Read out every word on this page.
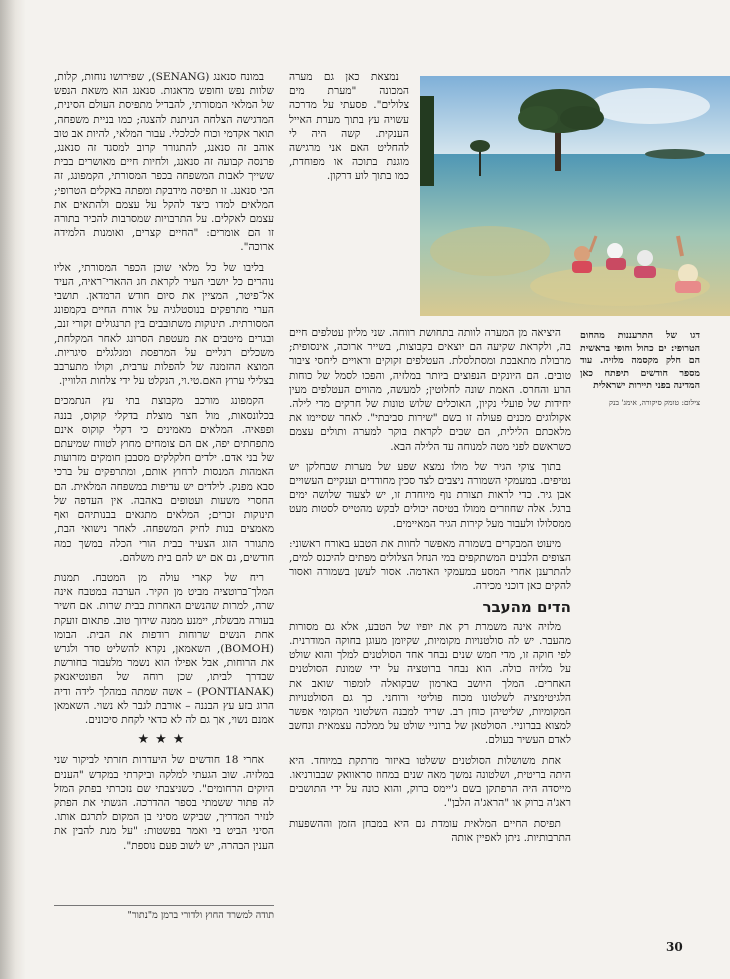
דגו של התרעננות מהחום הטרופי: ים כחול וחופי בראשית הם חלק מקסמה מלזיה. עוד מספר חודשים תיפתח כאן המדינה בפני תיירות ישראלית
צילום: טומק סיקורה, אימג' בנק

נמצאת כאן גם מערה המכונה "מערת מים צלולים". פסעתי על מדרכה עשויה עץ בתוך מערת האייל הענקית. קשה היה לי להחליט האם אני מרגישה מוגנת בתוכה או מפוחדת, כמו בתוך לוע דרקון.

היציאה מן המערה לוותה בתחושת רווחה. שני מליון עטלפים חיים בה, ולקראת שקיעה הם יוצאים בקבוצות, בשייר ארוכה, אינסופית; מרבולת מתאבכת ומסתלסלת. העטלפים זקוקים וראויים ליחסי ציבור טובים. הם היונקים הנפוצים ביותר במלזיה, והפכו לסמל של כוחות הרע והחרס. האמת שונה לחלוטין; למעשה, מהווים העטלפים מעין יחידות של פועלי נקיון, האוכלים שלוש טונות של חרקים מדי לילה. אקולוגים מכנים פעולה זו בשם "שירות סביבתי". לאחר שסיימו את מלאכתם הלילית, הם שבים לקראת בוקר למערה ותולים עצמם כשראשם לפני מטה למנוחה עד הלילה הבא.

בתוך צוקי הגיר של מולו נמצא שפע של מערות שבחלקן יש נטיפים. במעמקי השמורה ניצבים לצד סכין מחודדים וענקיים העשויים אבן גיר. כדי לראות תצורת נוף מיוחדת זו, יש לצעוד שלושה ימים ברגל. אלה שחוזרים ממולו בטיסה יכולים לבקש מהטייס לסטות מעט ממסלולו ולעבור מעל קירות הגיר המאיימים.

מיעוט המבקרים בשמורה מאפשר לחוות את הטבע באורח ראשוני: הצופים הלבנים המשתקפים במי הנחל הצלולים מפתים להיכנס למים, להתרענן אחרי המסע במעמקי האדמה. אסור לעשן בשמורה ואסור להקים כאן דוכני מכירה.

הדים מהעבר

מלזיה אינה משמרת רק את יופיו של הטבע, אלא גם מסורות מהעבר. יש לה סולטנויות מקומיות, שקיומן מעוגן בחוקה המודרנית. לפי חוקה זו, מדי חמש שנים נבחר אחד הסולטנים למלך והוא שולט על מלזיה כולה. הוא נבחר ברוטציה על ידי שמונת הסולטנים האחרים. המלך היושב בארמון שבקואלה לומפור שואב את הלגיטימציה לשלטונו מכוח פוליטי ורוחני. כך גם הסולטנויות המקומיות, שליטיהן כוחן רב. שריד למבנה השלטוני המקומי אפשר למצוא בברוניי. הסולטאן של ברוניי שולט על ממלכה עצמאית ונחשב לאדם העשיר בעולם.

אחת משושלות הסולטנים ששלטו באיזור מרתקת במיוחד. היא היתה בריטית, ושלטונה נמשך מאה שנים במחוז סראוואק שבבורניאו. מייסדה היה הרפתקן בשם ג'יימס ברוק, והוא כונה על ידי התושבים ראג'ה ברוק או "הראג'ה הלבן".

תפיסת החיים המלאית עומדת גם היא במבחן הזמן וההשפעות התרבותיות. ניתן לאפיין אותה

במונח סנאנג (SENANG), שפירושו נוחות, קלות, שלוות נפש וחופש מדאגות. סנאנג הוא משאת הנפש של המלאי המסורתי, להבדיל מתפיסת העולם הסינית, המדגישה הצלחה הניתנת להצגה; כמו בניית משפחה, תואר אקדמי וכוח לכלכלי. עבור המלאי, להיות אב טוב אוהב זה סנאנג, להתגורר קרוב למסגד זה סנאנג, פרנסה קבועה זה סנאנג, ולחיות חיים מאושרים בבית ששייך לאבות המשפחה בכפר המסורתי, הקמפונג, זה הכי סנאנג. זו תפיסה מידבקת ומפתה באקלים הטרופי; המלאים למדו כיצד להקל על עצמם ולהתאים את עצמם לאקלים. על התרבויות שמסרבות להכיר בתורה זו הם אומרים: "החיים קצרים, ואומנות הלמידה ארוכה".

בליבו של כל מלאי שוכן הכפר המסורתי, אליו נוהרים כל יושבי העיר לקראת חג ההארי־ראיה, העיד אל־פיטר, המציין את סיום חודש הרמדאן. תושבי הערי מתרפקים בנוסטלגיה על אורח החיים בקמפונג המסורתית. תינוקות משתובבים בין תרנגולים זקורי זנב, ובגרים מיטבים את מעטפת הסרונג לאחר המקלחת, משכלים רגליים על המרפסת ומגלגלים סיגריות. המוצא ההזמנה של להפלות ערבית, וקולו מתערבב בצלילי ערוץ האם.טי.וי, הנקלט על ידי צלחות הלוויין.

הקמפונג מורכב מקבוצת בתי עץ הנתמכים בכלונסאות, מול חצר מוצלת בדקלי קוקוס, בננה ופפאיה. המלאים מאמינים כי דקלי קוקוס אינם מתפחתים יפה, אם הם צומחים מחוץ לטווח שמיעתם של בני אדם. ילדים חלקלקים מסבבן חומקים מזרועות האמהות המנסות לרחוץ אותם, ומתרפקים על ברכי סבא מפנק. לילדים יש עדיפות במשפחה המלאית. הם החסרי משעות ועטופים באהבה. אין העדפה של תינוקות זכרים; המלאים מתגאים בבנותיהם ואף מאמצים בנות לחיק המשפחה. לאחר נישואי הבת, מתגורר הזוג הצעיר בבית הורי הכלה במשך כמה חודשים, גם אם יש להם בית משלהם.

ריח של קארי עולה מן המטבח. תמנות המלך־ברוטציה מביט מן הקיר. הערבה במטבח אינה שרה, למרות שהנשים האחרות בבית שרות. אם חשיר בעורה מבשלת, יימנע ממנה שידוך טוב. פתאום זועקת אחת הנשים שרוחות רודפות את הבית. הבומו (BOMOH), השאמאן, נקרא להשליט סדר ולגרש את הרוחות, אבל אפילו הוא נשמר מלעבור בחורשת שבדרך לביתו, שכן רוחה של הפונטיאנאק (PONTIANAK) – אשה שמתה במהלך לידה ודיה הרוג בזע עץ הבננה – אורבת לגבר לא נשוי. השאמאן אמנם נשוי, אך גם לה לא כדאי לקחת סיכונים.

★★★

אחרי 18 חודשים של היעדרות חזרתי לביקור שני במלזיה. שוב הגעתי למלקה וביקרתי במקדש "הענים היוקים הרחומים". כשניצבתי שם נזכרתי בפתק המזל לה פתור ששמתי בספר ההדרכה. הגשתי את הפתק לנזיר המדריך, שביקש מסיני בן המקום לתרגם אותו. הסיני הביט בי ואמר בפשטות: "על מנת להבין את הענין הבהרה, יש לשוב פעם נוספת".

תודה למשרד החוץ ולדורי ברמן מ"נתור"
30
